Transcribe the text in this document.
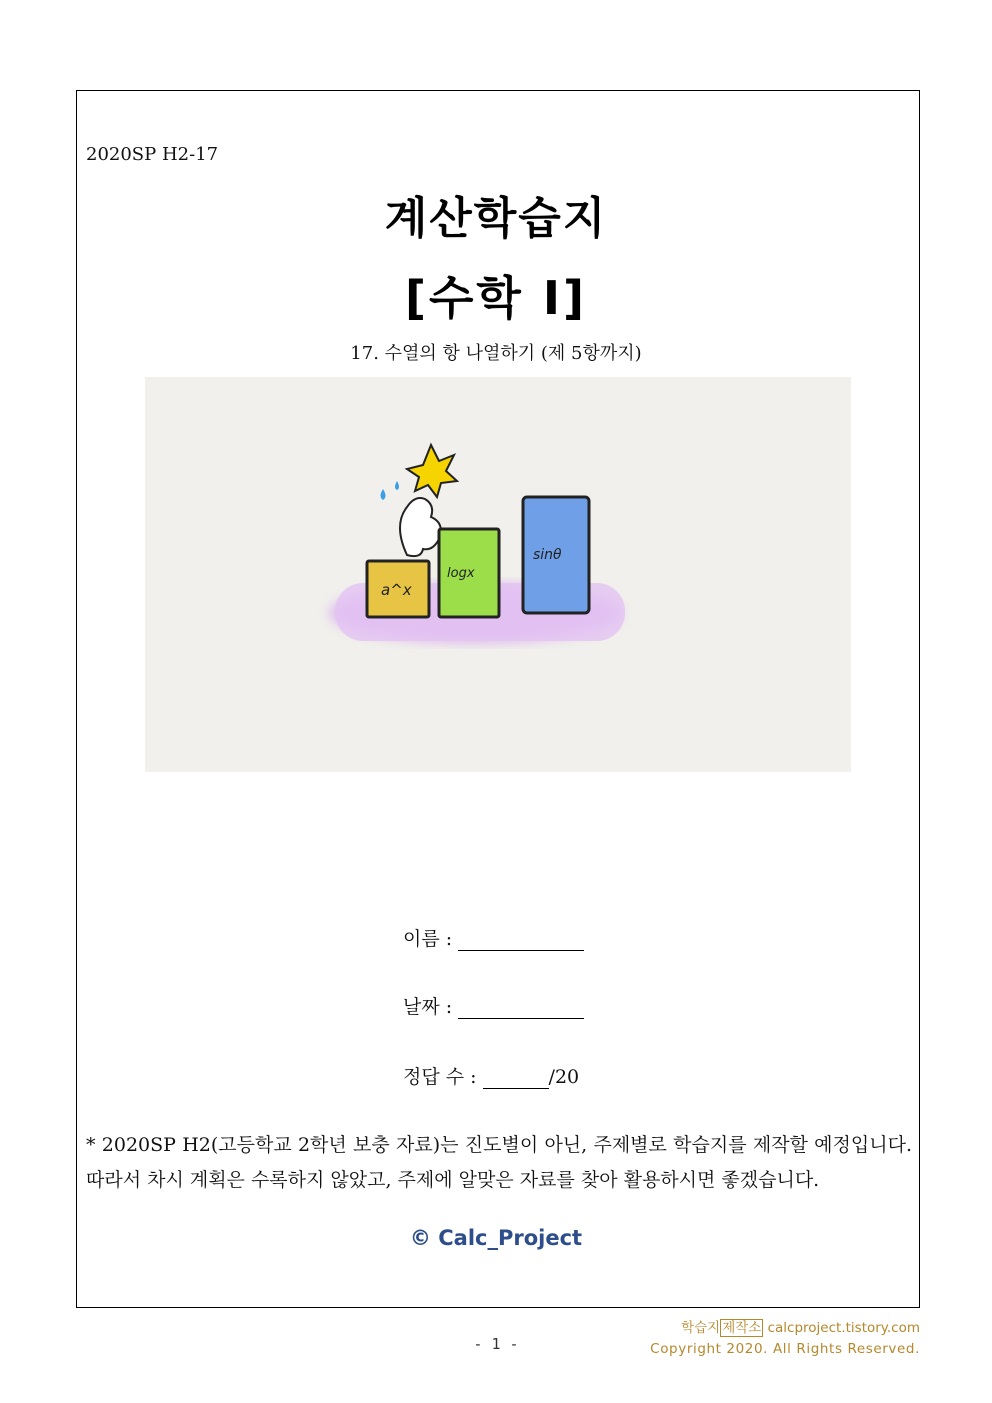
2020SP H2-17
계산학습지
[수학 Ⅰ]
17. 수열의 항 나열하기 (제 5항까지)
a^x
logx
sinθ
이름 :
날짜 :
정답 수 :	/20
* 2020SP H2(고등학교 2학년 보충 자료)는 진도별이 아닌, 주제별로 학습지를 제작할 예정입니다. 따라서 차시 계획은 수록하지 않았고, 주제에 알맞은 자료를 찾아 활용하시면 좋겠습니다.
© Calc_Project
- 1 -
학습지 제작소 calcproject.tistory.com
Copyright 2020. All Rights Reserved.
